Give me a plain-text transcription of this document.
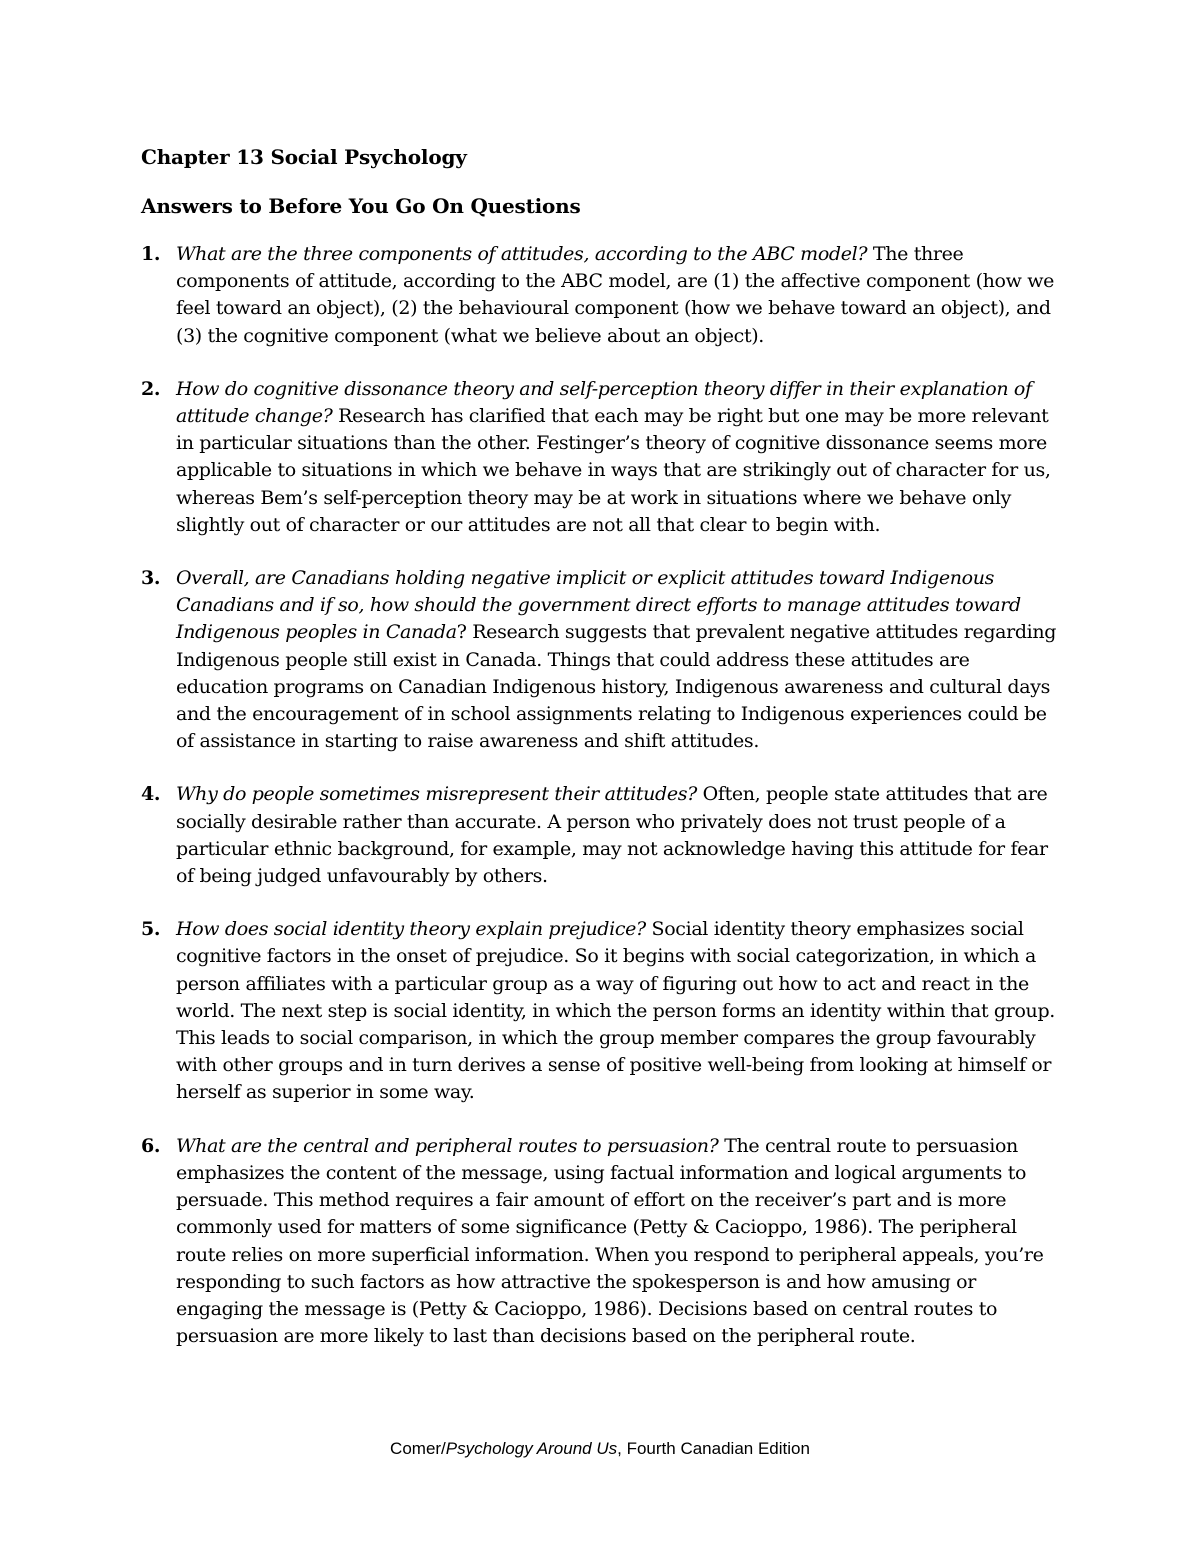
Chapter 13 Social Psychology
Answers to Before You Go On Questions
1. What are the three components of attitudes, according to the ABC model? The three components of attitude, according to the ABC model, are (1) the affective component (how we feel toward an object), (2) the behavioural component (how we behave toward an object), and (3) the cognitive component (what we believe about an object).
2. How do cognitive dissonance theory and self-perception theory differ in their explanation of attitude change? Research has clarified that each may be right but one may be more relevant in particular situations than the other. Festinger’s theory of cognitive dissonance seems more applicable to situations in which we behave in ways that are strikingly out of character for us, whereas Bem’s self-perception theory may be at work in situations where we behave only slightly out of character or our attitudes are not all that clear to begin with.
3. Overall, are Canadians holding negative implicit or explicit attitudes toward Indigenous Canadians and if so, how should the government direct efforts to manage attitudes toward Indigenous peoples in Canada? Research suggests that prevalent negative attitudes regarding Indigenous people still exist in Canada. Things that could address these attitudes are education programs on Canadian Indigenous history, Indigenous awareness and cultural days and the encouragement of in school assignments relating to Indigenous experiences could be of assistance in starting to raise awareness and shift attitudes.
4. Why do people sometimes misrepresent their attitudes? Often, people state attitudes that are socially desirable rather than accurate. A person who privately does not trust people of a particular ethnic background, for example, may not acknowledge having this attitude for fear of being judged unfavourably by others.
5. How does social identity theory explain prejudice? Social identity theory emphasizes social cognitive factors in the onset of prejudice. So it begins with social categorization, in which a person affiliates with a particular group as a way of figuring out how to act and react in the world. The next step is social identity, in which the person forms an identity within that group. This leads to social comparison, in which the group member compares the group favourably with other groups and in turn derives a sense of positive well-being from looking at himself or herself as superior in some way.
6. What are the central and peripheral routes to persuasion? The central route to persuasion emphasizes the content of the message, using factual information and logical arguments to persuade. This method requires a fair amount of effort on the receiver’s part and is more commonly used for matters of some significance (Petty & Cacioppo, 1986). The peripheral route relies on more superficial information. When you respond to peripheral appeals, you’re responding to such factors as how attractive the spokesperson is and how amusing or engaging the message is (Petty & Cacioppo, 1986). Decisions based on central routes to persuasion are more likely to last than decisions based on the peripheral route.
Comer/Psychology Around Us, Fourth Canadian Edition
